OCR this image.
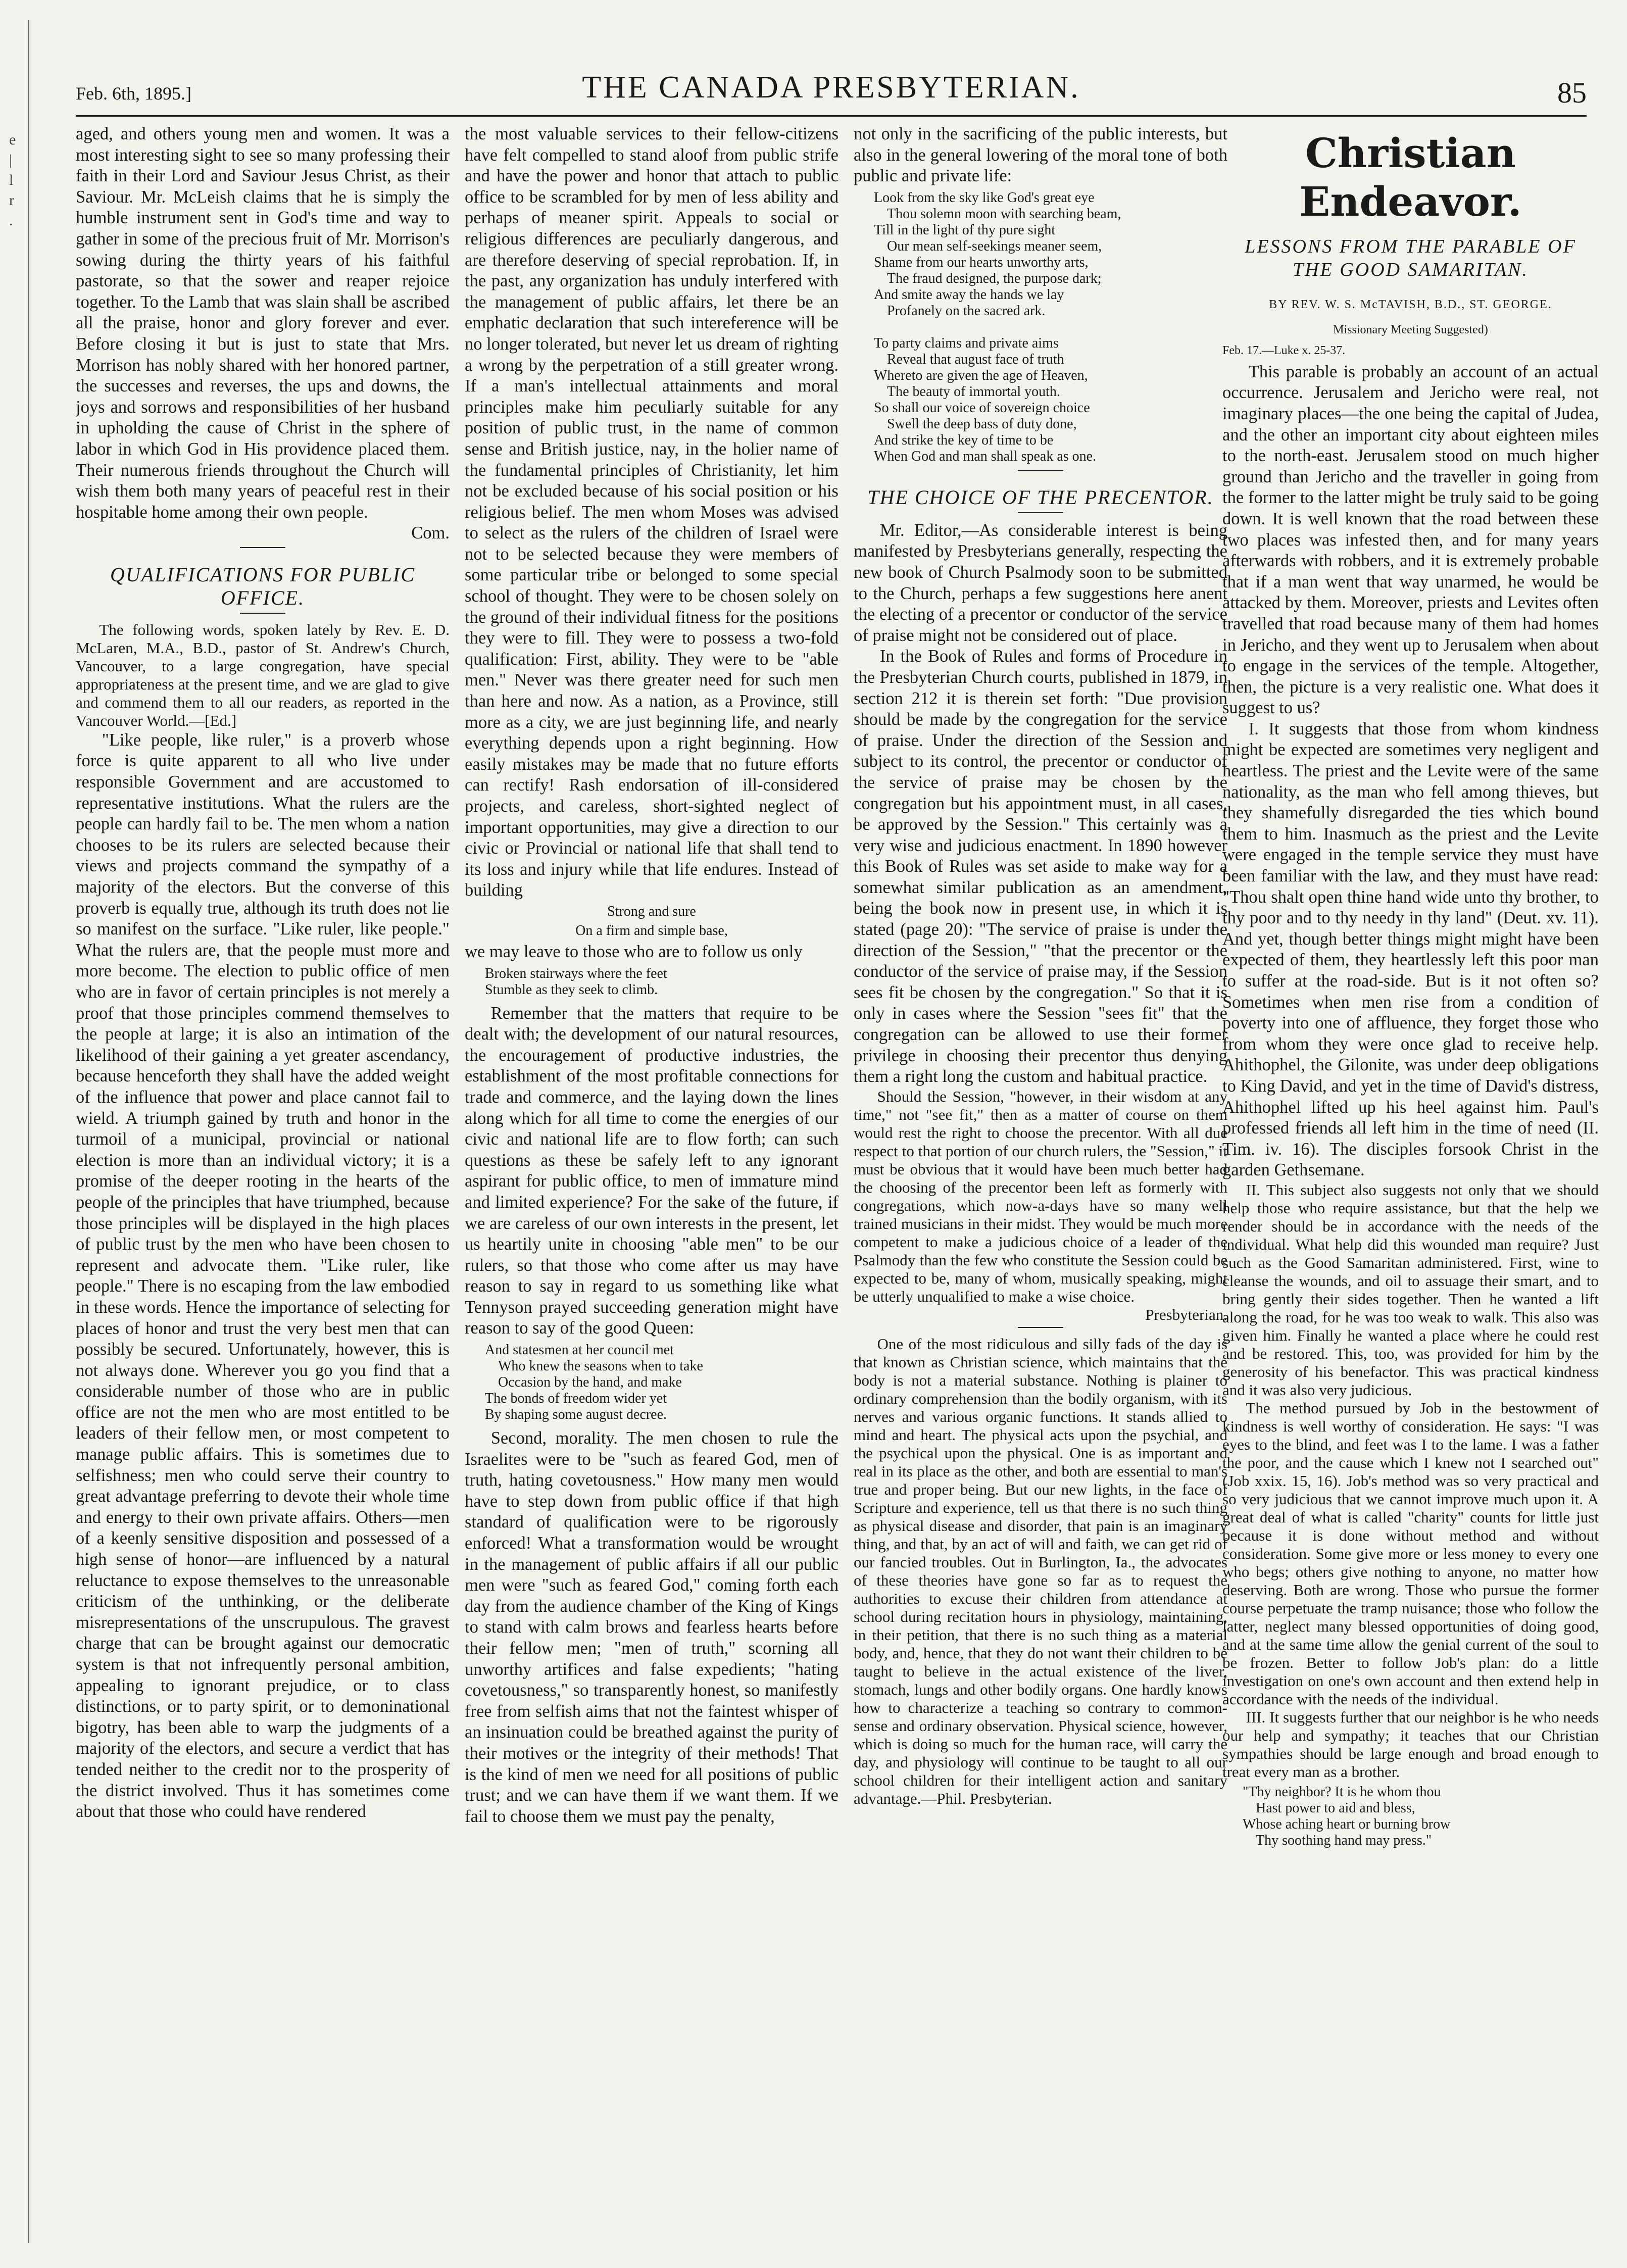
e
|
l
r
.
Feb. 6th, 1895.]	THE CANADA PRESBYTERIAN.	85

aged, and others young men and women. It was a most interesting sight to see so many professing their faith in their Lord and Saviour Jesus Christ, as their Saviour. Mr. McLeish claims that he is simply the humble instrument sent in God's time and way to gather in some of the precious fruit of Mr. Morrison's sowing during the thirty years of his faithful pastorate, so that the sower and reaper rejoice together. To the Lamb that was slain shall be ascribed all the praise, honor and glory forever and ever. Before closing it but is just to state that Mrs. Morrison has nobly shared with her honored partner, the successes and reverses, the ups and downs, the joys and sorrows and responsibilities of her husband in upholding the cause of Christ in the sphere of labor in which God in His providence placed them. Their numerous friends throughout the Church will wish them both many years of peaceful rest in their hospitable home among their own people.

Com.
QUALIFICATIONS FOR PUBLIC OFFICE.

The following words, spoken lately by Rev. E. D. McLaren, M.A., B.D., pastor of St. Andrew's Church, Vancouver, to a large congregation, have special appropriateness at the present time, and we are glad to give and commend them to all our readers, as reported in the Vancouver World.—[Ed.]

"Like people, like ruler," is a proverb whose force is quite apparent to all who live under responsible Government and are accustomed to representative institutions. What the rulers are the people can hardly fail to be. The men whom a nation chooses to be its rulers are selected because their views and projects command the sympathy of a majority of the electors. But the converse of this proverb is equally true, although its truth does not lie so manifest on the surface. "Like ruler, like people." What the rulers are, that the people must more and more become. The election to public office of men who are in favor of certain principles is not merely a proof that those principles commend themselves to the people at large; it is also an intimation of the likelihood of their gaining a yet greater ascendancy, because henceforth they shall have the added weight of the influence that power and place cannot fail to wield. A triumph gained by truth and honor in the turmoil of a municipal, provincial or national election is more than an individual victory; it is a promise of the deeper rooting in the hearts of the people of the principles that have triumphed, because those principles will be displayed in the high places of public trust by the men who have been chosen to represent and advocate them. "Like ruler, like people." There is no escaping from the law embodied in these words. Hence the importance of selecting for places of honor and trust the very best men that can possibly be secured. Unfortunately, however, this is not always done. Wherever you go you find that a considerable number of those who are in public office are not the men who are most entitled to be leaders of their fellow men, or most competent to manage public affairs. This is sometimes due to selfishness; men who could serve their country to great advantage preferring to devote their whole time and energy to their own private affairs. Others—men of a keenly sensitive disposition and possessed of a high sense of honor—are influenced by a natural reluctance to expose themselves to the unreasonable criticism of the unthinking, or the deliberate misrepresentations of the unscrupulous. The gravest charge that can be brought against our democratic system is that not infrequently personal ambition, appealing to ignorant prejudice, or to class distinctions, or to party spirit, or to demoninational bigotry, has been able to warp the judgments of a majority of the electors, and secure a verdict that has tended neither to the credit nor to the prosperity of the district involved. Thus it has sometimes come about that those who could have rendered

the most valuable services to their fellow-citizens have felt compelled to stand aloof from public strife and have the power and honor that attach to public office to be scrambled for by men of less ability and perhaps of meaner spirit. Appeals to social or religious differences are peculiarly dangerous, and are therefore deserving of special reprobation. If, in the past, any organization has unduly interfered with the management of public affairs, let there be an emphatic declaration that such intereference will be no longer tolerated, but never let us dream of righting a wrong by the perpetration of a still greater wrong. If a man's intellectual attainments and moral principles make him peculiarly suitable for any position of public trust, in the name of common sense and British justice, nay, in the holier name of the fundamental principles of Christianity, let him not be excluded because of his social position or his religious belief. The men whom Moses was advised to select as the rulers of the children of Israel were not to be selected because they were members of some particular tribe or belonged to some special school of thought. They were to be chosen solely on the ground of their individual fitness for the positions they were to fill. They were to possess a two-fold qualification: First, ability. They were to be "able men." Never was there greater need for such men than here and now. As a nation, as a Province, still more as a city, we are just beginning life, and nearly everything depends upon a right beginning. How easily mistakes may be made that no future efforts can rectify! Rash endorsation of ill-considered projects, and careless, short-sighted neglect of important opportunities, may give a direction to our civic or Provincial or national life that shall tend to its loss and injury while that life endures. Instead of building

Strong and sure
On a firm and simple base,

we may leave to those who are to follow us only

Broken stairways where the feet
Stumble as they seek to climb.

Remember that the matters that require to be dealt with; the development of our natural resources, the encouragement of productive industries, the establishment of the most profitable connections for trade and commerce, and the laying down the lines along which for all time to come the energies of our civic and national life are to flow forth; can such questions as these be safely left to any ignorant aspirant for public office, to men of immature mind and limited experience? For the sake of the future, if we are careless of our own interests in the present, let us heartily unite in choosing "able men" to be our rulers, so that those who come after us may have reason to say in regard to us something like what Tennyson prayed succeeding generation might have reason to say of the good Queen:

And statesmen at her council met
Who knew the seasons when to take
Occasion by the hand, and make
The bonds of freedom wider yet
By shaping some august decree.

Second, morality. The men chosen to rule the Israelites were to be "such as feared God, men of truth, hating covetousness." How many men would have to step down from public office if that high standard of qualification were to be rigorously enforced! What a transformation would be wrought in the management of public affairs if all our public men were "such as feared God," coming forth each day from the audience chamber of the King of Kings to stand with calm brows and fearless hearts before their fellow men; "men of truth," scorning all unworthy artifices and false expedients; "hating covetousness," so transparently honest, so manifestly free from selfish aims that not the faintest whisper of an insinuation could be breathed against the purity of their motives or the integrity of their methods! That is the kind of men we need for all positions of public trust; and we can have them if we want them. If we fail to choose them we must pay the penalty,

not only in the sacrificing of the public interests, but also in the general lowering of the moral tone of both public and private life:

Look from the sky like God's great eye
Thou solemn moon with searching beam,
Till in the light of thy pure sight
Our mean self-seekings meaner seem,
Shame from our hearts unworthy arts,
The fraud designed, the purpose dark;
And smite away the hands we lay
Profanely on the sacred ark.

To party claims and private aims
Reveal that august face of truth
Whereto are given the age of Heaven,
The beauty of immortal youth.
So shall our voice of sovereign choice
Swell the deep bass of duty done,
And strike the key of time to be
When God and man shall speak as one.
THE CHOICE OF THE PRECENTOR.

Mr. Editor,—As considerable interest is being manifested by Presbyterians generally, respecting the new book of Church Psalmody soon to be submitted to the Church, perhaps a few suggestions here anent the electing of a precentor or conductor of the service of praise might not be considered out of place.

In the Book of Rules and forms of Procedure in the Presbyterian Church courts, published in 1879, in section 212 it is therein set forth: "Due provision should be made by the congregation for the service of praise. Under the direction of the Session and subject to its control, the precentor or conductor of the service of praise may be chosen by the congregation but his appointment must, in all cases, be approved by the Session." This certainly was a very wise and judicious enactment. In 1890 however this Book of Rules was set aside to make way for a somewhat similar publication as an amendment, being the book now in present use, in which it is stated (page 20): "The service of praise is under the direction of the Session," "that the precentor or the conductor of the service of praise may, if the Session sees fit be chosen by the congregation." So that it is only in cases where the Session "sees fit" that the congregation can be allowed to use their former privilege in choosing their precentor thus denying them a right long the custom and habitual practice.

Should the Session, "however, in their wisdom at any time," not "see fit," then as a matter of course on them would rest the right to choose the precentor. With all due respect to that portion of our church rulers, the "Session," it must be obvious that it would have been much better had the choosing of the precentor been left as formerly with congregations, which now-a-days have so many well trained musicians in their midst. They would be much more competent to make a judicious choice of a leader of the Psalmody than the few who constitute the Session could be expected to be, many of whom, musically speaking, might be utterly unqualified to make a wise choice.

Presbyterian.

One of the most ridiculous and silly fads of the day is that known as Christian science, which maintains that the body is not a material substance. Nothing is plainer to ordinary comprehension than the bodily organism, with its nerves and various organic functions. It stands allied to mind and heart. The physical acts upon the psychial, and the psychical upon the physical. One is as important and real in its place as the other, and both are essential to man's true and proper being. But our new lights, in the face of Scripture and experience, tell us that there is no such thing as physical disease and disorder, that pain is an imaginary thing, and that, by an act of will and faith, we can get rid of our fancied troubles. Out in Burlington, Ia., the advocates of these theories have gone so far as to request the authorities to excuse their children from attendance at school during recitation hours in physiology, maintaining, in their petition, that there is no such thing as a material body, and, hence, that they do not want their children to be taught to believe in the actual existence of the liver, stomach, lungs and other bodily organs. One hardly knows how to characterize a teaching so contrary to common-sense and ordinary observation. Physical science, however, which is doing so much for the human race, will carry the day, and physiology will continue to be taught to all our school children for their intelligent action and sanitary advantage.—Phil. Presbyterian.

Christian Endeavor.
LESSONS FROM THE PARABLE OF THE GOOD SAMARITAN.
BY REV. W. S. McTAVISH, B.D., ST. GEORGE.
Missionary Meeting Suggested)

Feb. 17.—Luke x. 25-37.

This parable is probably an account of an actual occurrence. Jerusalem and Jericho were real, not imaginary places—the one being the capital of Judea, and the other an important city about eighteen miles to the north-east. Jerusalem stood on much higher ground than Jericho and the traveller in going from the former to the latter might be truly said to be going down. It is well known that the road between these two places was infested then, and for many years afterwards with robbers, and it is extremely probable that if a man went that way unarmed, he would be attacked by them. Moreover, priests and Levites often travelled that road because many of them had homes in Jericho, and they went up to Jerusalem when about to engage in the services of the temple. Altogether, then, the picture is a very realistic one. What does it suggest to us?

I. It suggests that those from whom kindness might be expected are sometimes very negligent and heartless. The priest and the Levite were of the same nationality, as the man who fell among thieves, but they shamefully disregarded the ties which bound them to him. Inasmuch as the priest and the Levite were engaged in the temple service they must have been familiar with the law, and they must have read: "Thou shalt open thine hand wide unto thy brother, to thy poor and to thy needy in thy land" (Deut. xv. 11). And yet, though better things might might have been expected of them, they heartlessly left this poor man to suffer at the road-side. But is it not often so? Sometimes when men rise from a condition of poverty into one of affluence, they forget those who from whom they were once glad to receive help. Ahithophel, the Gilonite, was under deep obligations to King David, and yet in the time of David's distress, Ahithophel lifted up his heel against him. Paul's professed friends all left him in the time of need (II. Tim. iv. 16). The disciples forsook Christ in the garden Gethsemane.

II. This subject also suggests not only that we should help those who require assistance, but that the help we render should be in accordance with the needs of the individual. What help did this wounded man require? Just such as the Good Samaritan administered. First, wine to cleanse the wounds, and oil to assuage their smart, and to bring gently their sides together. Then he wanted a lift along the road, for he was too weak to walk. This also was given him. Finally he wanted a place where he could rest and be restored. This, too, was provided for him by the generosity of his benefactor. This was practical kindness and it was also very judicious.

The method pursued by Job in the bestowment of kindness is well worthy of consideration. He says: "I was eyes to the blind, and feet was I to the lame. I was a father the poor, and the cause which I knew not I searched out" (Job xxix. 15, 16). Job's method was so very practical and so very judicious that we cannot improve much upon it. A great deal of what is called "charity" counts for little just because it is done without method and without consideration. Some give more or less money to every one who begs; others give nothing to anyone, no matter how deserving. Both are wrong. Those who pursue the former course perpetuate the tramp nuisance; those who follow the latter, neglect many blessed opportunities of doing good, and at the same time allow the genial current of the soul to be frozen. Better to follow Job's plan: do a little investigation on one's own account and then extend help in accordance with the needs of the individual.

III. It suggests further that our neighbor is he who needs our help and sympathy; it teaches that our Christian sympathies should be large enough and broad enough to treat every man as a brother.

"Thy neighbor? It is he whom thou
Hast power to aid and bless,
Whose aching heart or burning brow
Thy soothing hand may press."
